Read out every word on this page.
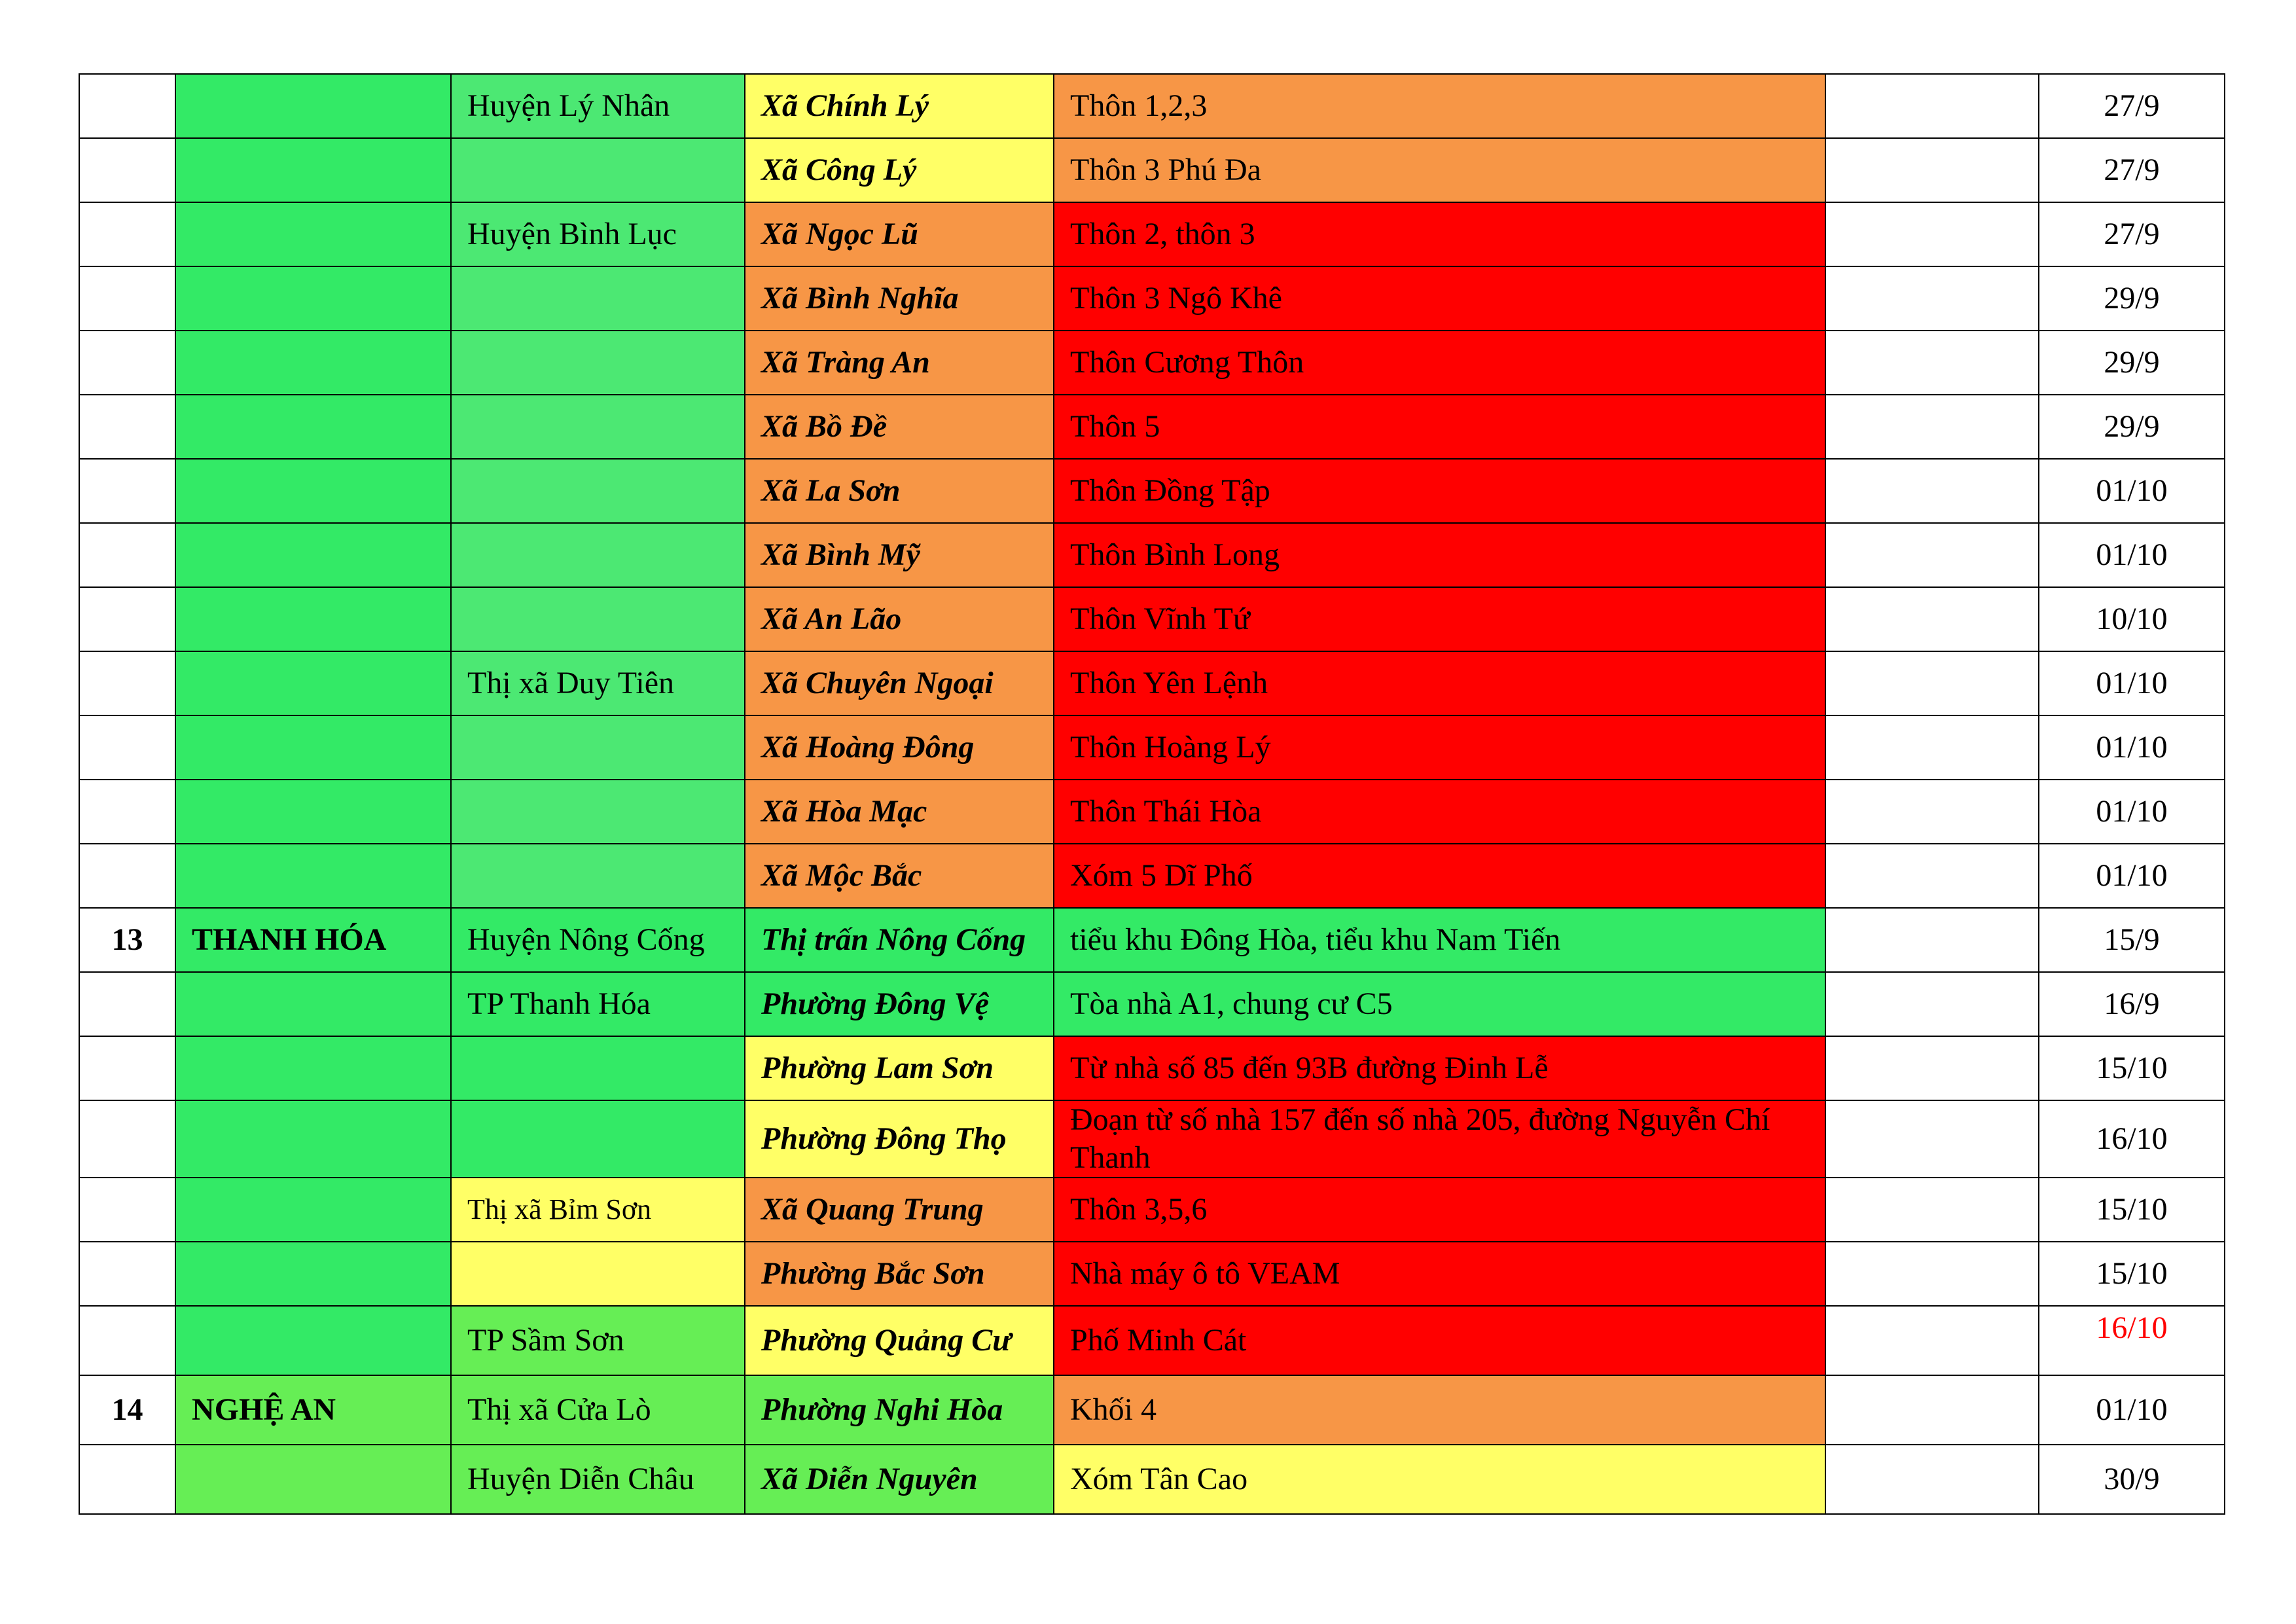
		Huyện Lý Nhân	Xã Chính Lý	Thôn 1,2,3		27/9
			Xã Công Lý	Thôn 3 Phú Đa		27/9
		Huyện Bình Lục	Xã Ngọc Lũ	Thôn 2, thôn 3		27/9
			Xã Bình Nghĩa	Thôn 3 Ngô Khê		29/9
			Xã Tràng An	Thôn Cương Thôn		29/9
			Xã Bồ Đề	Thôn 5		29/9
			Xã La Sơn	Thôn Đồng Tập		01/10
			Xã Bình Mỹ	Thôn Bình Long		01/10
			Xã An Lão	Thôn Vĩnh Tứ		10/10
		Thị xã Duy Tiên	Xã Chuyên Ngoại	Thôn Yên Lệnh		01/10
			Xã Hoàng Đông	Thôn Hoàng Lý		01/10
			Xã Hòa Mạc	Thôn Thái Hòa		01/10
			Xã Mộc Bắc	Xóm 5 Dĩ Phố		01/10
13	THANH HÓA	Huyện Nông Cống	Thị trấn Nông Cống	tiểu khu Đông Hòa, tiểu khu Nam Tiến		15/9
		TP Thanh Hóa	Phường Đông Vệ	Tòa nhà A1, chung cư C5		16/9
			Phường Lam Sơn	Từ nhà số 85 đến 93B đường Đinh Lễ		15/10
			Phường Đông Thọ	Đoạn từ số nhà 157 đến số nhà 205, đường Nguyễn Chí Thanh		16/10
		Thị xã Bỉm Sơn	Xã Quang Trung	Thôn 3,5,6		15/10
			Phường Bắc Sơn	Nhà máy ô tô VEAM		15/10
		TP Sầm Sơn	Phường Quảng Cư	Phố Minh Cát		16/10
14	NGHỆ AN	Thị xã Cửa Lò	Phường Nghi Hòa	Khối 4		01/10
		Huyện Diễn Châu	Xã Diễn Nguyên	Xóm Tân Cao		30/9
